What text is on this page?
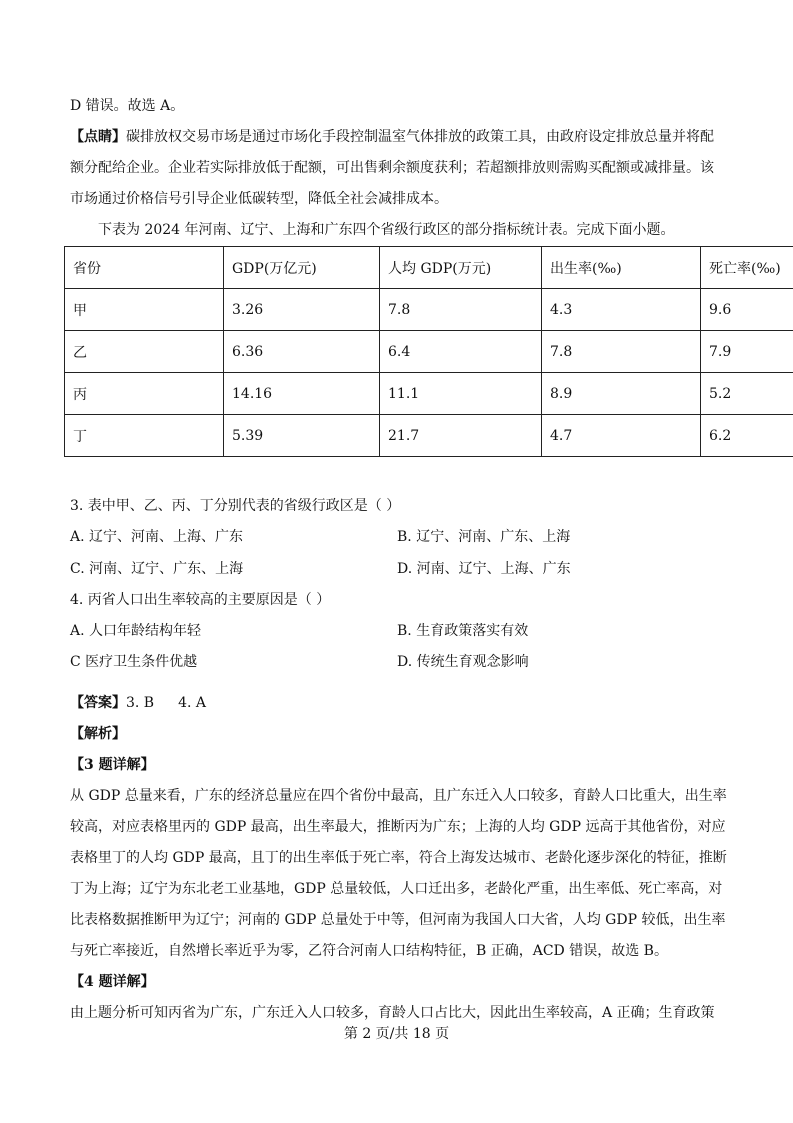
D 错误。故选 A。
【点睛】碳排放权交易市场是通过市场化手段控制温室气体排放的政策工具，由政府设定排放总量并将配
额分配给企业。企业若实际排放低于配额，可出售剩余额度获利；若超额排放则需购买配额或减排量。该
市场通过价格信号引导企业低碳转型，降低全社会减排成本。
下表为 2024 年河南、辽宁、上海和广东四个省级行政区的部分指标统计表。完成下面小题。
省份	GDP(万亿元)	人均 GDP(万元)	出生率(‰)	死亡率(‰)
甲	3.26	7.8	4.3	9.6
乙	6.36	6.4	7.8	7.9
丙	14.16	11.1	8.9	5.2
丁	5.39	21.7	4.7	6.2
3. 表中甲、乙、丙、丁分别代表的省级行政区是（ ）
A. 辽宁、河南、上海、广东	B. 辽宁、河南、广东、上海
C. 河南、辽宁、广东、上海	D. 河南、辽宁、上海、广东
4. 丙省人口出生率较高的主要原因是（ ）
A. 人口年龄结构年轻	B. 生育政策落实有效
C 医疗卫生条件优越	D. 传统生育观念影响
【答案】3. B 4. A
【解析】
【3 题详解】
从 GDP 总量来看，广东的经济总量应在四个省份中最高，且广东迁入人口较多，育龄人口比重大，出生率
较高，对应表格里丙的 GDP 最高，出生率最大，推断丙为广东；上海的人均 GDP 远高于其他省份，对应
表格里丁的人均 GDP 最高，且丁的出生率低于死亡率，符合上海发达城市、老龄化逐步深化的特征，推断
丁为上海；辽宁为东北老工业基地，GDP 总量较低，人口迁出多，老龄化严重，出生率低、死亡率高，对
比表格数据推断甲为辽宁；河南的 GDP 总量处于中等，但河南为我国人口大省，人均 GDP 较低，出生率
与死亡率接近，自然增长率近乎为零，乙符合河南人口结构特征，B 正确，ACD 错误，故选 B。
【4 题详解】
由上题分析可知丙省为广东，广东迁入人口较多，育龄人口占比大，因此出生率较高，A 正确；生育政策
第 2 页/共 18 页
